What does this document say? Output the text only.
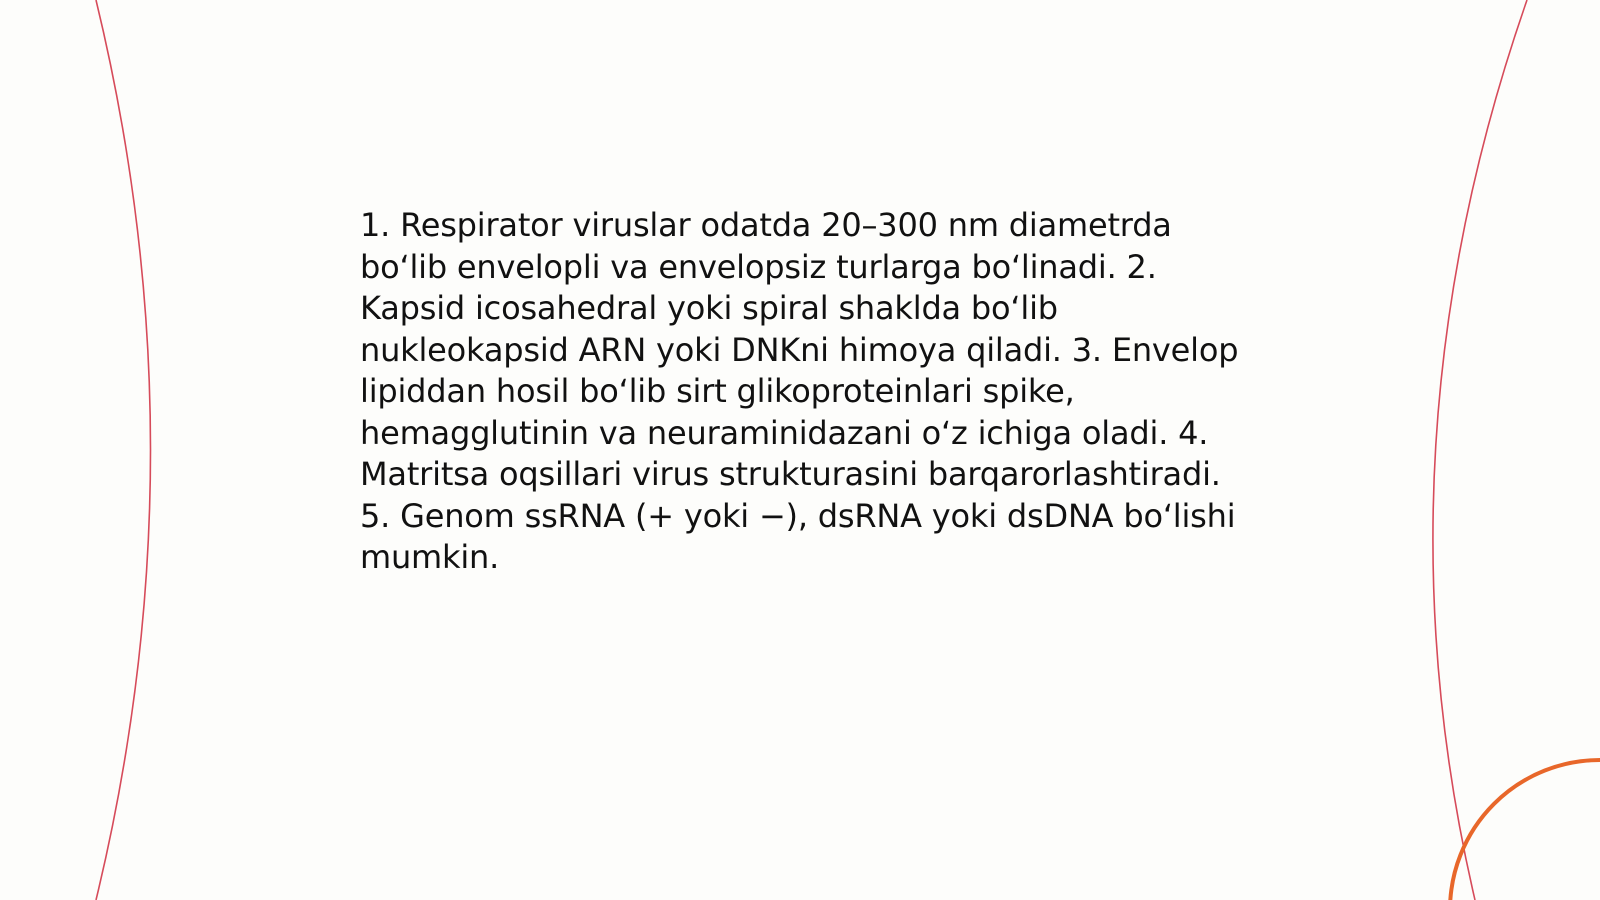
1. Respirator viruslar odatda 20–300 nm diametrda boʻlib envelopli va envelopsiz turlarga boʻlinadi. 2. Kapsid icosahedral yoki spiral shaklda boʻlib nukleokapsid ARN yoki DNKni himoya qiladi. 3. Envelop lipiddan hosil boʻlib sirt glikoproteinlari spike, hemagglutinin va neuraminidazani oʻz ichiga oladi. 4. Matritsa oqsillari virus strukturasini barqarorlashtiradi. 5. Genom ssRNA (+ yoki −), dsRNA yoki dsDNA boʻlishi mumkin.
